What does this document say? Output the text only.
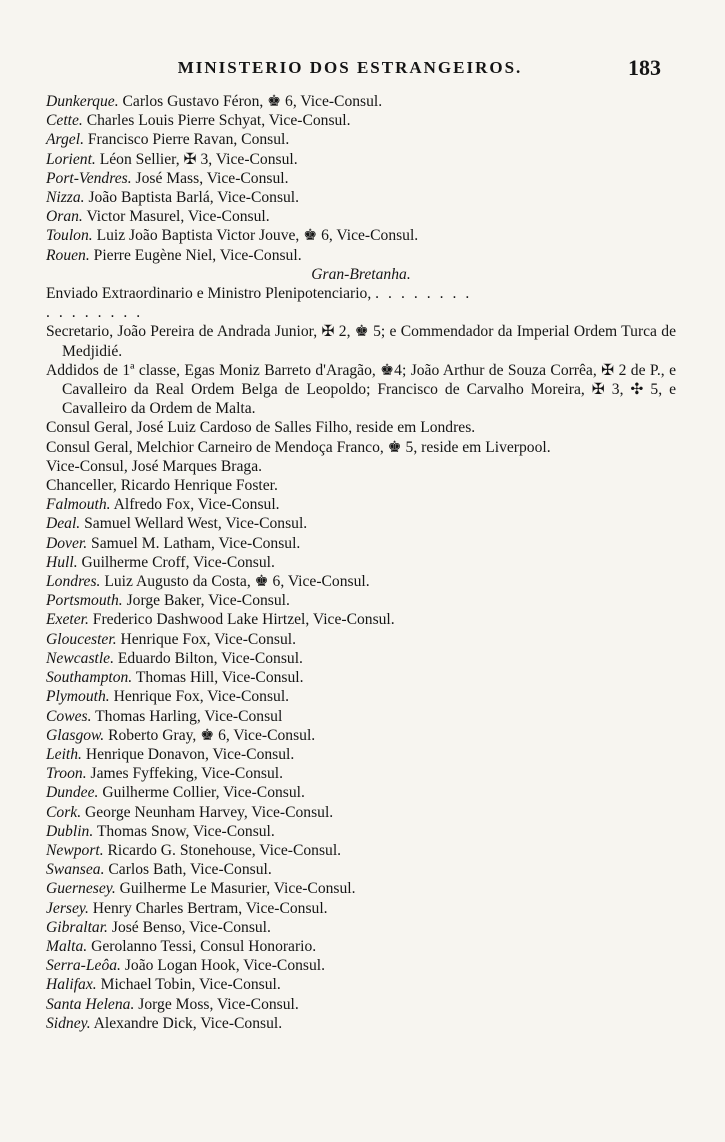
MINISTERIO DOS ESTRANGEIROS.	183

Dunkerque. Carlos Gustavo Féron, ♚ 6, Vice-Consul.

Cette. Charles Louis Pierre Schyat, Vice-Consul.

Argel. Francisco Pierre Ravan, Consul.

Lorient. Léon Sellier, ✠ 3, Vice-Consul.

Port-Vendres. José Mass, Vice-Consul.

Nizza. João Baptista Barlá, Vice-Consul.

Oran. Victor Masurel, Vice-Consul.

Toulon. Luiz João Baptista Victor Jouve, ♚ 6, Vice-Consul.

Rouen. Pierre Eugène Niel, Vice-Consul.

Gran-Bretanha.

Enviado Extraordinario e Ministro Plenipotenciario, ........

........

Secretario, João Pereira de Andrada Junior, ✠ 2, ♚ 5; e Commendador da Imperial Ordem Turca de Medjidié.

Addidos de 1ª classe, Egas Moniz Barreto d'Aragão, ♚4; João Arthur de Souza Corrêa, ✠ 2 de P., e Cavalleiro da Real Ordem Belga de Leopoldo; Francisco de Carvalho Moreira, ✠ 3, ✣ 5, e Cavalleiro da Ordem de Malta.

Consul Geral, José Luiz Cardoso de Salles Filho, reside em Londres.

Consul Geral, Melchior Carneiro de Mendoça Franco, ♚ 5, reside em Liverpool.

Vice-Consul, José Marques Braga.

Chanceller, Ricardo Henrique Foster.

Falmouth. Alfredo Fox, Vice-Consul.

Deal. Samuel Wellard West, Vice-Consul.

Dover. Samuel M. Latham, Vice-Consul.

Hull. Guilherme Croff, Vice-Consul.

Londres. Luiz Augusto da Costa, ♚ 6, Vice-Consul.

Portsmouth. Jorge Baker, Vice-Consul.

Exeter. Frederico Dashwood Lake Hirtzel, Vice-Consul.

Gloucester. Henrique Fox, Vice-Consul.

Newcastle. Eduardo Bilton, Vice-Consul.

Southampton. Thomas Hill, Vice-Consul.

Plymouth. Henrique Fox, Vice-Consul.

Cowes. Thomas Harling, Vice-Consul

Glasgow. Roberto Gray, ♚ 6, Vice-Consul.

Leith. Henrique Donavon, Vice-Consul.

Troon. James Fyffeking, Vice-Consul.

Dundee. Guilherme Collier, Vice-Consul.

Cork. George Neunham Harvey, Vice-Consul.

Dublin. Thomas Snow, Vice-Consul.

Newport. Ricardo G. Stonehouse, Vice-Consul.

Swansea. Carlos Bath, Vice-Consul.

Guernesey. Guilherme Le Masurier, Vice-Consul.

Jersey. Henry Charles Bertram, Vice-Consul.

Gibraltar. José Benso, Vice-Consul.

Malta. Gerolanno Tessi, Consul Honorario.

Serra-Leôa. João Logan Hook, Vice-Consul.

Halifax. Michael Tobin, Vice-Consul.

Santa Helena. Jorge Moss, Vice-Consul.

Sidney. Alexandre Dick, Vice-Consul.
